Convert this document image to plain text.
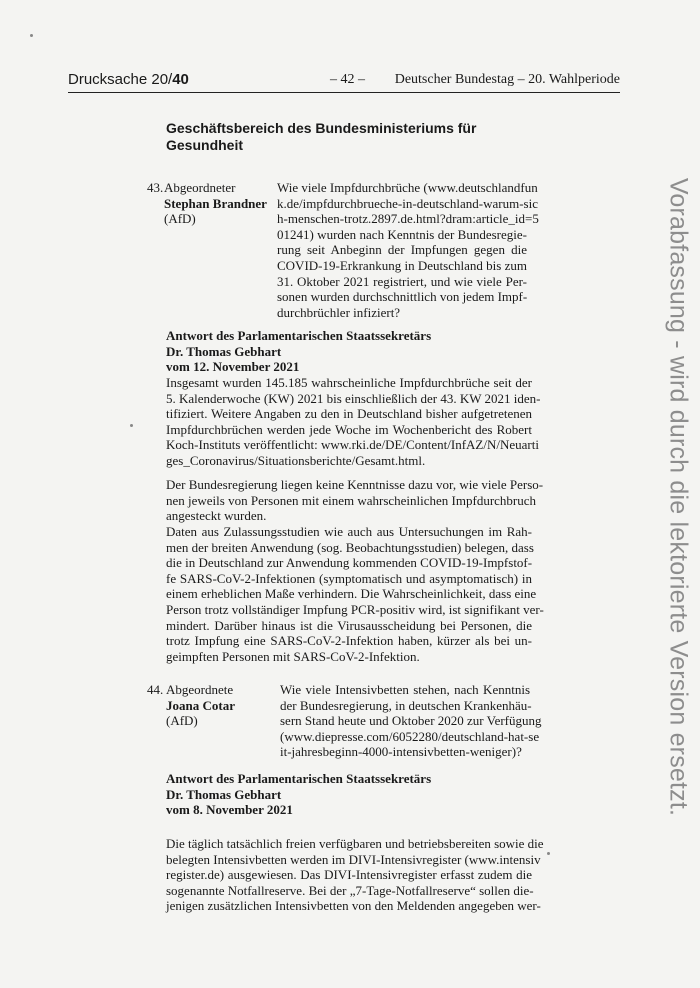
Drucksache 20/40	– 42 – Deutscher Bundestag – 20. Wahlperiode
Geschäftsbereich des Bundesministeriums für
Gesundheit
43. Abgeordneter
Stephan Brandner
(AfD)
Wie viele Impfdurchbrüche (www.deutschlandfun
k.de/impfdurchbrueche-in-deutschland-warum-sic
h-menschen-trotz.2897.de.html?dram:article_id=5
01241) wurden nach Kenntnis der Bundesregie-
rung seit Anbeginn der Impfungen gegen die
COVID-19-Erkrankung in Deutschland bis zum
31. Oktober 2021 registriert, und wie viele Per-
sonen wurden durchschnittlich von jedem Impf-
durchbrüchler infiziert?
Antwort des Parlamentarischen Staatssekretärs
Dr. Thomas Gebhart
vom 12. November 2021
Insgesamt wurden 145.185 wahrscheinliche Impfdurchbrüche seit der
5. Kalenderwoche (KW) 2021 bis einschließlich der 43. KW 2021 iden-
tifiziert. Weitere Angaben zu den in Deutschland bisher aufgetretenen
Impfdurchbrüchen werden jede Woche im Wochenbericht des Robert
Koch-Instituts veröffentlicht: www.rki.de/DE/Content/InfAZ/N/Neuarti
ges_Coronavirus/Situationsberichte/Gesamt.html.
Der Bundesregierung liegen keine Kenntnisse dazu vor, wie viele Perso-
nen jeweils von Personen mit einem wahrscheinlichen Impfdurchbruch
angesteckt wurden.
Daten aus Zulassungsstudien wie auch aus Untersuchungen im Rah-
men der breiten Anwendung (sog. Beobachtungsstudien) belegen, dass
die in Deutschland zur Anwendung kommenden COVID-19-Impfstof-
fe SARS-CoV-2-Infektionen (symptomatisch und asymptomatisch) in
einem erheblichen Maße verhindern. Die Wahrscheinlichkeit, dass eine
Person trotz vollständiger Impfung PCR-positiv wird, ist signifikant ver-
mindert. Darüber hinaus ist die Virusausscheidung bei Personen, die
trotz Impfung eine SARS-CoV-2-Infektion haben, kürzer als bei un-
geimpften Personen mit SARS-CoV-2-Infektion.
44. Abgeordnete
Joana Cotar
(AfD)
Wie viele Intensivbetten stehen, nach Kenntnis
der Bundesregierung, in deutschen Krankenhäu-
sern Stand heute und Oktober 2020 zur Verfügung
(www.diepresse.com/6052280/deutschland-hat-se
it-jahresbeginn-4000-intensivbetten-weniger)?
Antwort des Parlamentarischen Staatssekretärs
Dr. Thomas Gebhart
vom 8. November 2021
Die täglich tatsächlich freien verfügbaren und betriebsbereiten sowie die
belegten Intensivbetten werden im DIVI-Intensivregister (www.intensiv
register.de) ausgewiesen. Das DIVI-Intensivregister erfasst zudem die
sogenannte Notfallreserve. Bei der „7-Tage-Notfallreserve“ sollen die-
jenigen zusätzlichen Intensivbetten von den Meldenden angegeben wer-
Vorabfassung - wird durch die lektorierte Version ersetzt.
